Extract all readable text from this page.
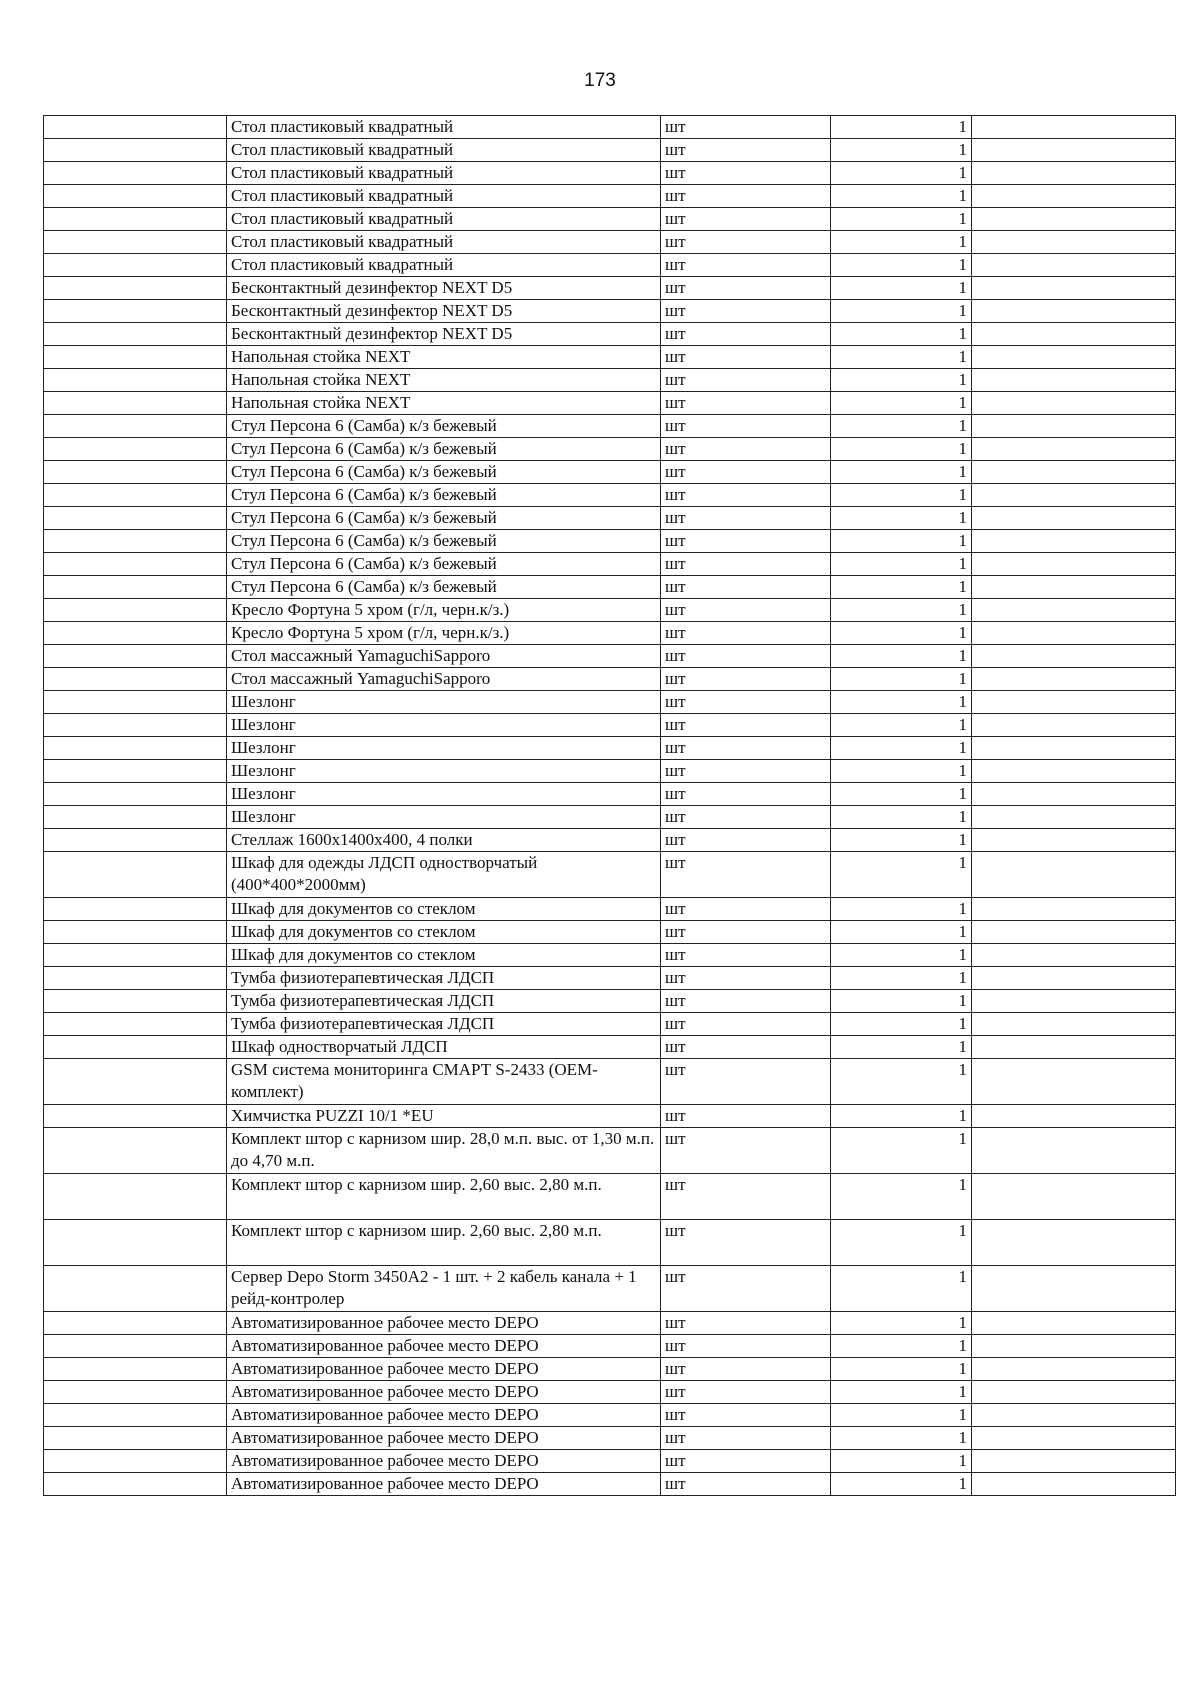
173
	Стол пластиковый квадратный	шт	1	
	Стол пластиковый квадратный	шт	1	
	Стол пластиковый квадратный	шт	1	
	Стол пластиковый квадратный	шт	1	
	Стол пластиковый квадратный	шт	1	
	Стол пластиковый квадратный	шт	1	
	Стол пластиковый квадратный	шт	1	
	Бесконтактный дезинфектор NEXT D5	шт	1	
	Бесконтактный дезинфектор NEXT D5	шт	1	
	Бесконтактный дезинфектор NEXT D5	шт	1	
	Напольная стойка NEXT	шт	1	
	Напольная стойка NEXT	шт	1	
	Напольная стойка NEXT	шт	1	
	Стул Персона 6 (Самба) к/з бежевый	шт	1	
	Стул Персона 6 (Самба) к/з бежевый	шт	1	
	Стул Персона 6 (Самба) к/з бежевый	шт	1	
	Стул Персона 6 (Самба) к/з бежевый	шт	1	
	Стул Персона 6 (Самба) к/з бежевый	шт	1	
	Стул Персона 6 (Самба) к/з бежевый	шт	1	
	Стул Персона 6 (Самба) к/з бежевый	шт	1	
	Стул Персона 6 (Самба) к/з бежевый	шт	1	
	Кресло Фортуна 5 хром (г/л, черн.к/з.)	шт	1	
	Кресло Фортуна 5 хром (г/л, черн.к/з.)	шт	1	
	Стол массажный YamaguchiSapporo	шт	1	
	Стол массажный YamaguchiSapporo	шт	1	
	Шезлонг	шт	1	
	Шезлонг	шт	1	
	Шезлонг	шт	1	
	Шезлонг	шт	1	
	Шезлонг	шт	1	
	Шезлонг	шт	1	
	Стеллаж 1600х1400х400, 4 полки	шт	1	
	Шкаф для одежды ЛДСП одностворчатый (400*400*2000мм)	шт	1	
	Шкаф для документов со стеклом	шт	1	
	Шкаф для документов со стеклом	шт	1	
	Шкаф для документов со стеклом	шт	1	
	Тумба физиотерапевтическая ЛДСП	шт	1	
	Тумба физиотерапевтическая ЛДСП	шт	1	
	Тумба физиотерапевтическая ЛДСП	шт	1	
	Шкаф одностворчатый ЛДСП	шт	1	
	GSM система мониторинга СМАРТ S-2433 (OEM-комплект)	шт	1	
	Химчистка PUZZI 10/1 *EU	шт	1	
	Комплект штор с карнизом шир. 28,0 м.п. выс. от 1,30 м.п. до 4,70 м.п.	шт	1	
	Комплект штор с карнизом шир. 2,60 выс. 2,80 м.п.	шт	1	
	Комплект штор с карнизом шир. 2,60 выс. 2,80 м.п.	шт	1	
	Сервер Depo Storm 3450A2 - 1 шт. + 2 кабель канала + 1 рейд-контролер	шт	1	
	Автоматизированное рабочее место DEPO	шт	1	
	Автоматизированное рабочее место DEPO	шт	1	
	Автоматизированное рабочее место DEPO	шт	1	
	Автоматизированное рабочее место DEPO	шт	1	
	Автоматизированное рабочее место DEPO	шт	1	
	Автоматизированное рабочее место DEPO	шт	1	
	Автоматизированное рабочее место DEPO	шт	1	
	Автоматизированное рабочее место DEPO	шт	1	
